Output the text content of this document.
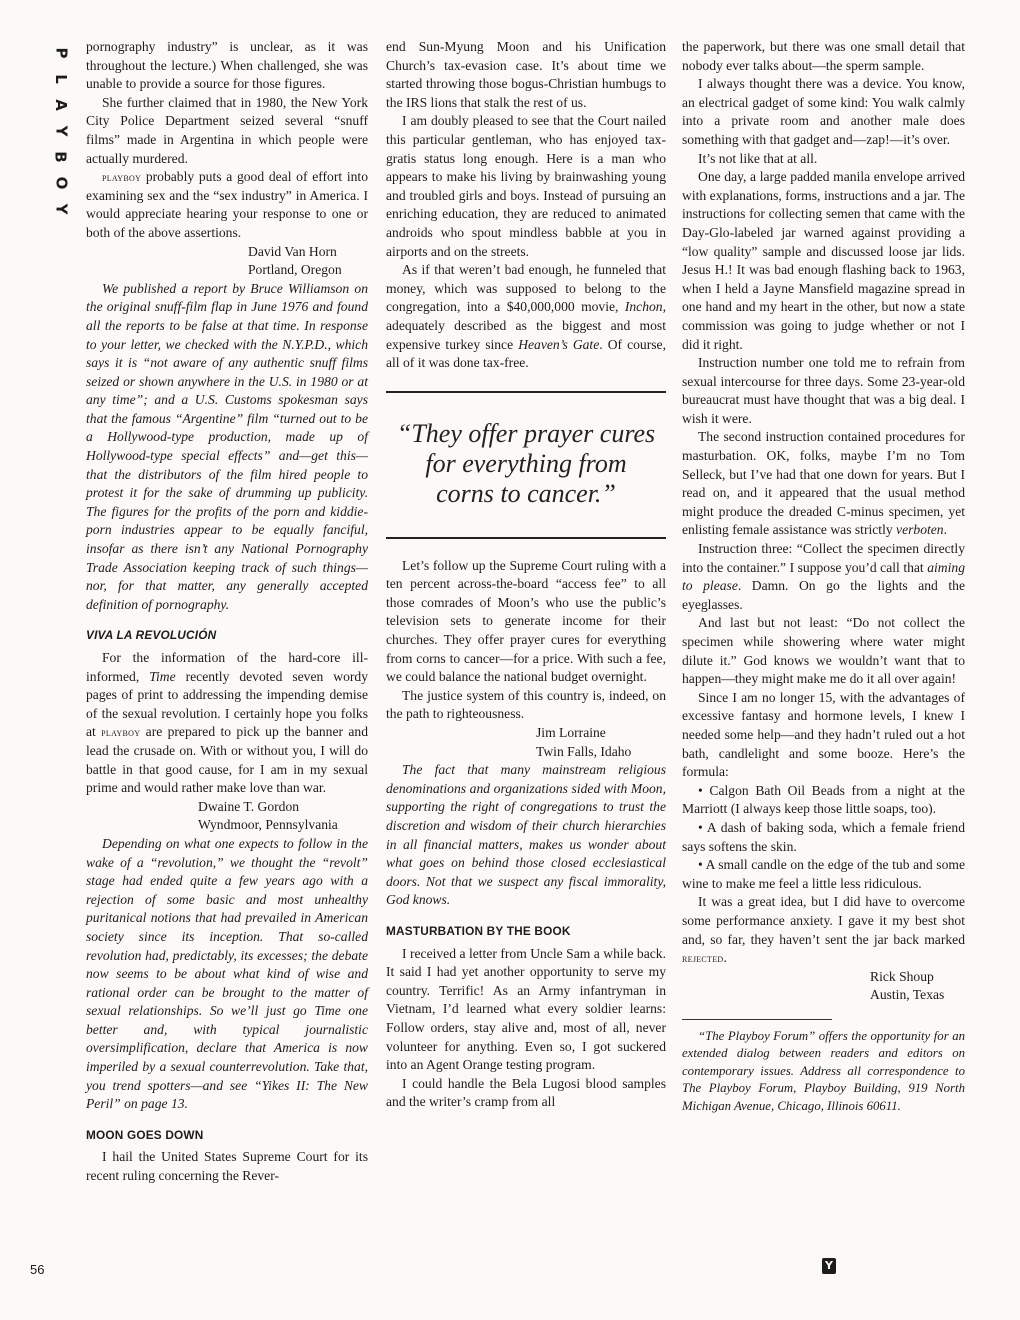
P
L
A
Y
B
O
Y

pornography industry” is unclear, as it was throughout the lecture.) When challenged, she was unable to provide a source for those figures.

She further claimed that in 1980, the New York City Police Department seized several “snuff films” made in Argentina in which people were actually murdered.

playboy probably puts a good deal of effort into examining sex and the “sex industry” in America. I would appreciate hearing your response to one or both of the above assertions.

David Van Horn
Portland, Oregon

We published a report by Bruce Williamson on the original snuff-film flap in June 1976 and found all the reports to be false at that time. In response to your letter, we checked with the N.Y.P.D., which says it is “not aware of any authentic snuff films seized or shown anywhere in the U.S. in 1980 or at any time”; and a U.S. Customs spokesman says that the famous “Argentine” film “turned out to be a Hollywood-type production, made up of Hollywood-type special effects” and—get this—that the distributors of the film hired people to protest it for the sake of drumming up publicity. The figures for the profits of the porn and kiddie-porn industries appear to be equally fanciful, insofar as there isn’t any National Pornography Trade Association keeping track of such things—nor, for that matter, any generally accepted definition of pornography.

VIVA LA REVOLUCIÓN

For the information of the hard-core ill-informed, Time recently devoted seven wordy pages of print to addressing the impending demise of the sexual revolution. I certainly hope you folks at playboy are prepared to pick up the banner and lead the crusade on. With or without you, I will do battle in that good cause, for I am in my sexual prime and would rather make love than war.

Dwaine T. Gordon
Wyndmoor, Pennsylvania

Depending on what one expects to follow in the wake of a “revolution,” we thought the “revolt” stage had ended quite a few years ago with a rejection of some basic and most unhealthy puritanical notions that had prevailed in American society since its inception. That so-called revolution had, predictably, its excesses; the debate now seems to be about what kind of wise and rational order can be brought to the matter of sexual relationships. So we’ll just go Time one better and, with typical journalistic oversimplification, declare that America is now imperiled by a sexual counterrevolution. Take that, you trend spotters—and see “Yikes II: The New Peril” on page 13.

MOON GOES DOWN

I hail the United States Supreme Court for its recent ruling concerning the Rever-

end Sun-Myung Moon and his Unification Church’s tax-evasion case. It’s about time we started throwing those bogus-Christian humbugs to the IRS lions that stalk the rest of us.

I am doubly pleased to see that the Court nailed this particular gentleman, who has enjoyed tax-gratis status long enough. Here is a man who appears to make his living by brainwashing young and troubled girls and boys. Instead of pursuing an enriching education, they are reduced to animated androids who spout mindless babble at you in airports and on the streets.

As if that weren’t bad enough, he funneled that money, which was supposed to belong to the congregation, into a $40,000,000 movie, Inchon, adequately described as the biggest and most expensive turkey since Heaven’s Gate. Of course, all of it was done tax-free.

“They offer prayer cures for everything from corns to cancer.”

Let’s follow up the Supreme Court ruling with a ten percent across-the-board “access fee” to all those comrades of Moon’s who use the public’s television sets to generate income for their churches. They offer prayer cures for everything from corns to cancer—for a price. With such a fee, we could balance the national budget overnight.

The justice system of this country is, indeed, on the path to righteousness.

Jim Lorraine
Twin Falls, Idaho

The fact that many mainstream religious denominations and organizations sided with Moon, supporting the right of congregations to trust the discretion and wisdom of their church hierarchies in all financial matters, makes us wonder about what goes on behind those closed ecclesiastical doors. Not that we suspect any fiscal immorality, God knows.

MASTURBATION BY THE BOOK

I received a letter from Uncle Sam a while back. It said I had yet another opportunity to serve my country. Terrific! As an Army infantryman in Vietnam, I’d learned what every soldier learns: Follow orders, stay alive and, most of all, never volunteer for anything. Even so, I got suckered into an Agent Orange testing program.

I could handle the Bela Lugosi blood samples and the writer’s cramp from all

the paperwork, but there was one small detail that nobody ever talks about—the sperm sample.

I always thought there was a device. You know, an electrical gadget of some kind: You walk calmly into a private room and another male does something with that gadget and—zap!—it’s over.

It’s not like that at all.

One day, a large padded manila envelope arrived with explanations, forms, instructions and a jar. The instructions for collecting semen that came with the Day-Glo-labeled jar warned against providing a “low quality” sample and discussed loose jar lids. Jesus H.! It was bad enough flashing back to 1963, when I held a Jayne Mansfield magazine spread in one hand and my heart in the other, but now a state commission was going to judge whether or not I did it right.

Instruction number one told me to refrain from sexual intercourse for three days. Some 23-year-old bureaucrat must have thought that was a big deal. I wish it were.

The second instruction contained procedures for masturbation. OK, folks, maybe I’m no Tom Selleck, but I’ve had that one down for years. But I read on, and it appeared that the usual method might produce the dreaded C-minus specimen, yet enlisting female assistance was strictly verboten.

Instruction three: “Collect the specimen directly into the container.” I suppose you’d call that aiming to please. Damn. On go the lights and the eyeglasses.

And last but not least: “Do not collect the specimen while showering where water might dilute it.” God knows we wouldn’t want that to happen—they might make me do it all over again!

Since I am no longer 15, with the advantages of excessive fantasy and hormone levels, I knew I needed some help—and they hadn’t ruled out a hot bath, candlelight and some booze. Here’s the formula:

• Calgon Bath Oil Beads from a night at the Marriott (I always keep those little soaps, too).

• A dash of baking soda, which a female friend says softens the skin.

• A small candle on the edge of the tub and some wine to make me feel a little less ridiculous.

It was a great idea, but I did have to overcome some performance anxiety. I gave it my best shot and, so far, they haven’t sent the jar back marked rejected.

Rick Shoup
Austin, Texas

“The Playboy Forum” offers the opportunity for an extended dialog between readers and editors on contemporary issues. Address all correspondence to The Playboy Forum, Playboy Building, 919 North Michigan Avenue, Chicago, Illinois 60611.

56	Y
